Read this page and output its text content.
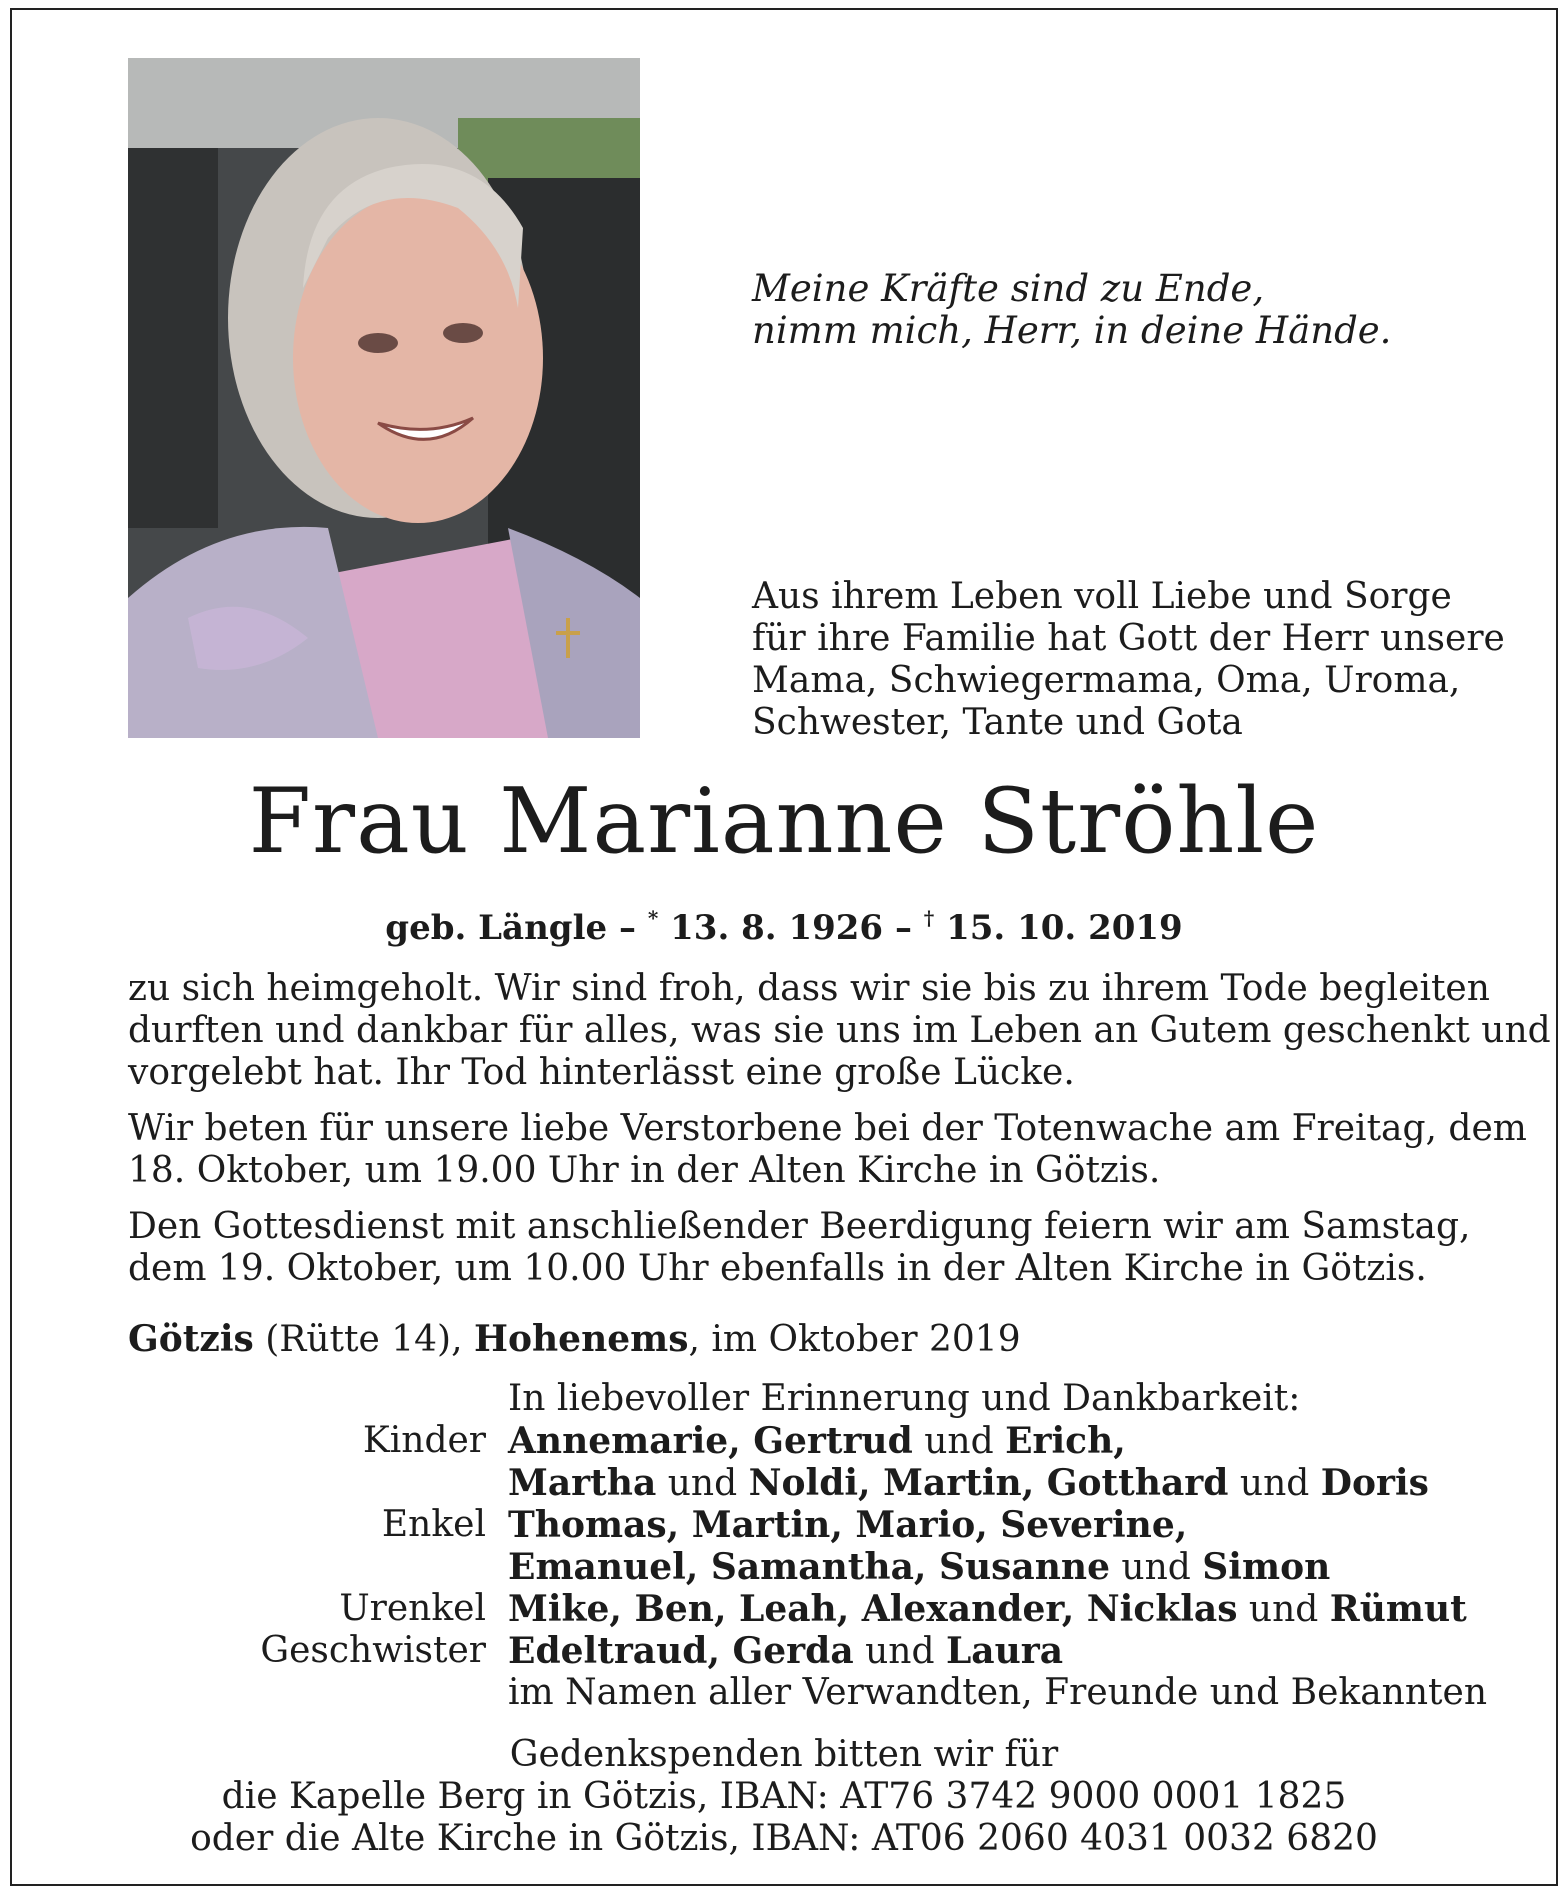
Meine Kräfte sind zu Ende,
nimm mich, Herr, in deine Hände.
Aus ihrem Leben voll Liebe und Sorge
für ihre Familie hat Gott der Herr unsere
Mama, Schwiegermama, Oma, Uroma,
Schwester, Tante und Gota
Frau Marianne Ströhle
geb. Längle – * 13. 8. 1926 – † 15. 10. 2019
zu sich heimgeholt. Wir sind froh, dass wir sie bis zu ihrem Tode begleiten
durften und dankbar für alles, was sie uns im Leben an Gutem geschenkt und
vorgelebt hat. Ihr Tod hinterlässt eine große Lücke.
Wir beten für unsere liebe Verstorbene bei der Totenwache am Freitag, dem
18. Oktober, um 19.00 Uhr in der Alten Kirche in Götzis.
Den Gottesdienst mit anschließender Beerdigung feiern wir am Samstag,
dem 19. Oktober, um 10.00 Uhr ebenfalls in der Alten Kirche in Götzis.
Götzis (Rütte 14), Hohenems, im Oktober 2019
In liebevoller Erinnerung und Dankbarkeit:
Kinder Annemarie, Gertrud und Erich,
Martha und Noldi, Martin, Gotthard und Doris
Enkel Thomas, Martin, Mario, Severine,
Emanuel, Samantha, Susanne und Simon
Urenkel Mike, Ben, Leah, Alexander, Nicklas und Rümut
Geschwister Edeltraud, Gerda und Laura
im Namen aller Verwandten, Freunde und Bekannten
Gedenkspenden bitten wir für
die Kapelle Berg in Götzis, IBAN: AT76 3742 9000 0001 1825
oder die Alte Kirche in Götzis, IBAN: AT06 2060 4031 0032 6820
